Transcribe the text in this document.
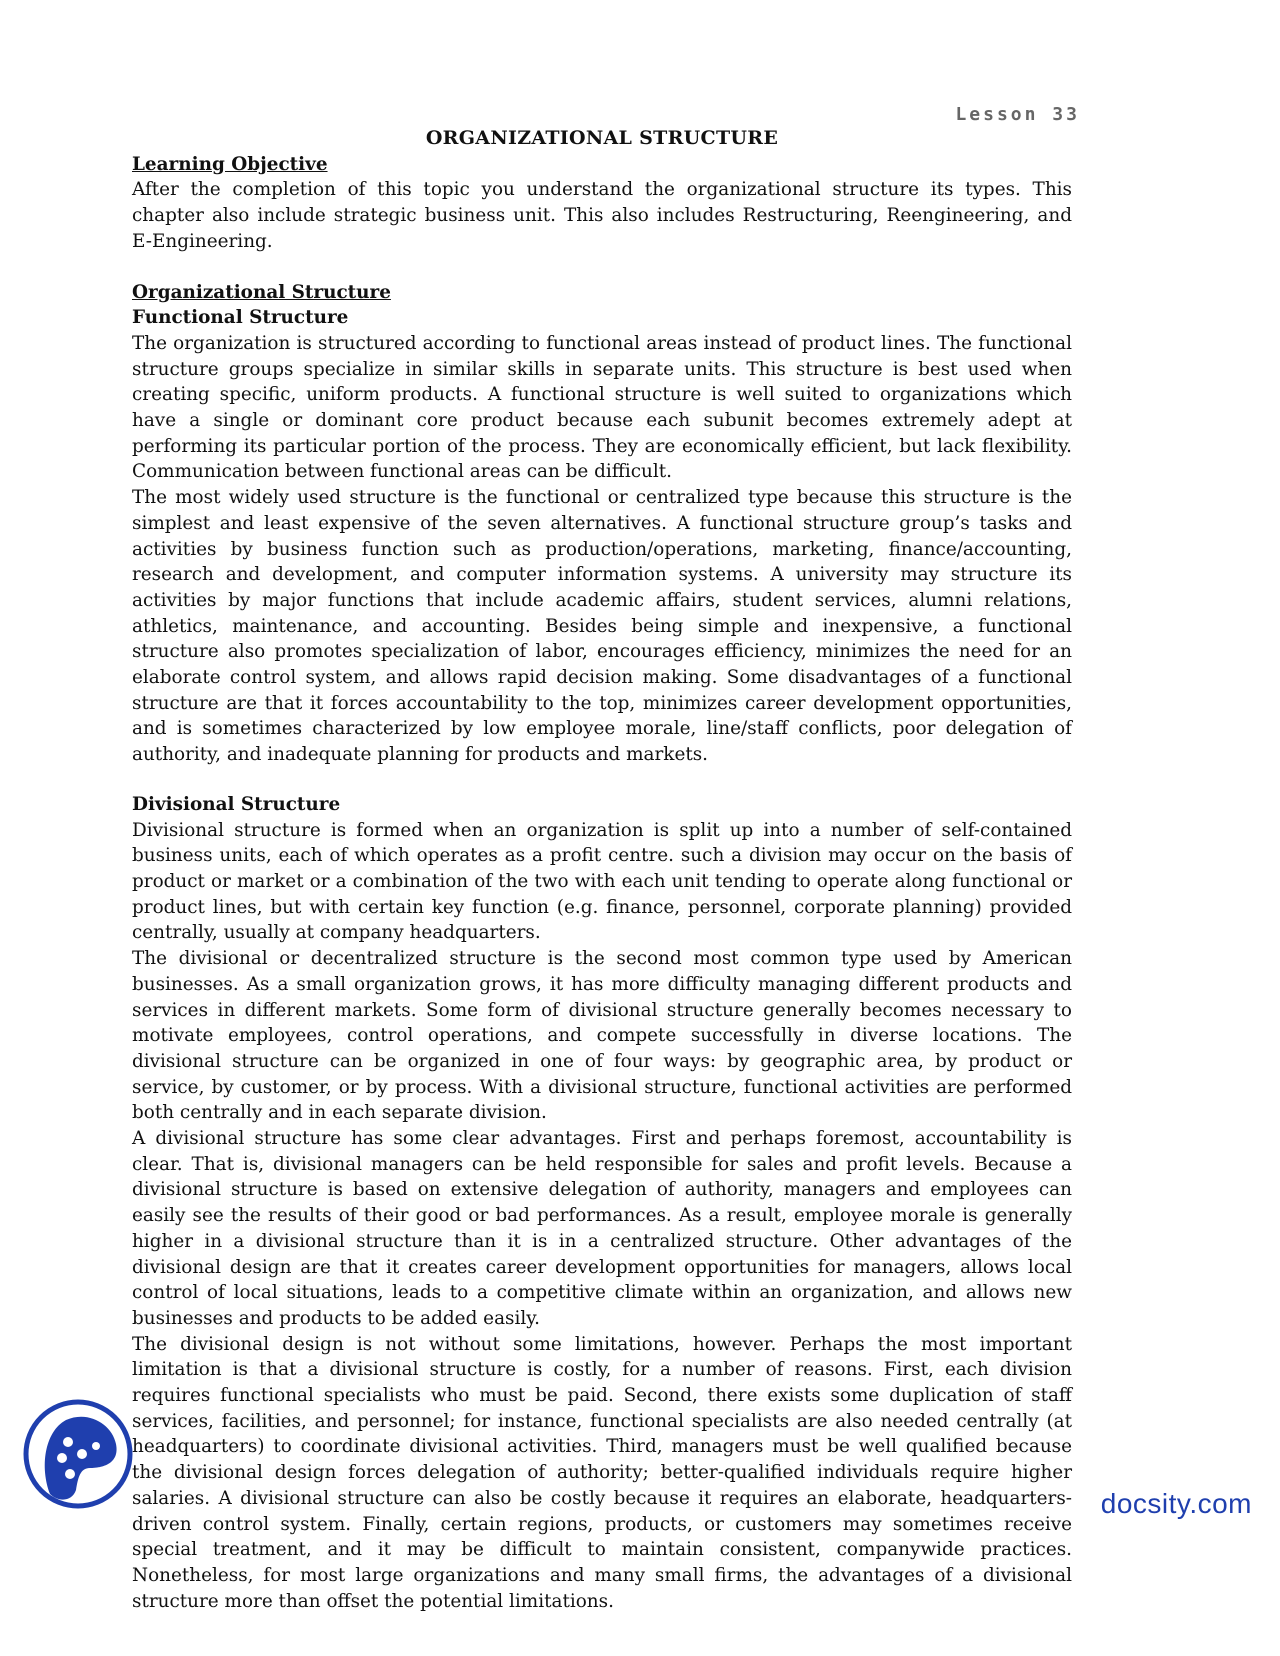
Lesson 33
ORGANIZATIONAL STRUCTURE
Learning Objective

After the completion of this topic you understand the organizational structure its types. This chapter also include strategic business unit. This also includes Restructuring, Reengineering, and E-Engineering.

Organizational Structure
Functional Structure

The organization is structured according to functional areas instead of product lines. The functional structure groups specialize in similar skills in separate units. This structure is best used when creating specific, uniform products. A functional structure is well suited to organizations which have a single or dominant core product because each subunit becomes extremely adept at performing its particular portion of the process. They are economically efficient, but lack flexibility. Communication between functional areas can be difficult.

The most widely used structure is the functional or centralized type because this structure is the simplest and least expensive of the seven alternatives. A functional structure group’s tasks and activities by business function such as production/operations, marketing, finance/accounting, research and development, and computer information systems. A university may structure its activities by major functions that include academic affairs, student services, alumni relations, athletics, maintenance, and accounting. Besides being simple and inexpensive, a functional structure also promotes specialization of labor, encourages efficiency, minimizes the need for an elaborate control system, and allows rapid decision making. Some disadvantages of a functional structure are that it forces accountability to the top, minimizes career development opportunities, and is sometimes characterized by low employee morale, line/staff conflicts, poor delegation of authority, and inadequate planning for products and markets.

Divisional Structure

Divisional structure is formed when an organization is split up into a number of self-contained business units, each of which operates as a profit centre. such a division may occur on the basis of product or market or a combination of the two with each unit tending to operate along functional or product lines, but with certain key function (e.g. finance, personnel, corporate planning) provided centrally, usually at company headquarters.

The divisional or decentralized structure is the second most common type used by American businesses. As a small organization grows, it has more difficulty managing different products and services in different markets. Some form of divisional structure generally becomes necessary to motivate employees, control operations, and compete successfully in diverse locations. The divisional structure can be organized in one of four ways: by geographic area, by product or service, by customer, or by process. With a divisional structure, functional activities are performed both centrally and in each separate division.

A divisional structure has some clear advantages. First and perhaps foremost, accountability is clear. That is, divisional managers can be held responsible for sales and profit levels. Because a divisional structure is based on extensive delegation of authority, managers and employees can easily see the results of their good or bad performances. As a result, employee morale is generally higher in a divisional structure than it is in a centralized structure. Other advantages of the divisional design are that it creates career development opportunities for managers, allows local control of local situations, leads to a competitive climate within an organization, and allows new businesses and products to be added easily.

The divisional design is not without some limitations, however. Perhaps the most important limitation is that a divisional structure is costly, for a number of reasons. First, each division requires functional specialists who must be paid. Second, there exists some duplication of staff services, facilities, and personnel; for instance, functional specialists are also needed centrally (at headquarters) to coordinate divisional activities. Third, managers must be well qualified because the divisional design forces delegation of authority; better-qualified individuals require higher salaries. A divisional structure can also be costly because it requires an elaborate, headquarters-driven control system. Finally, certain regions, products, or customers may sometimes receive special treatment, and it may be difficult to maintain consistent, companywide practices. Nonetheless, for most large organizations and many small firms, the advantages of a divisional structure more than offset the potential limitations.

docsity.com
